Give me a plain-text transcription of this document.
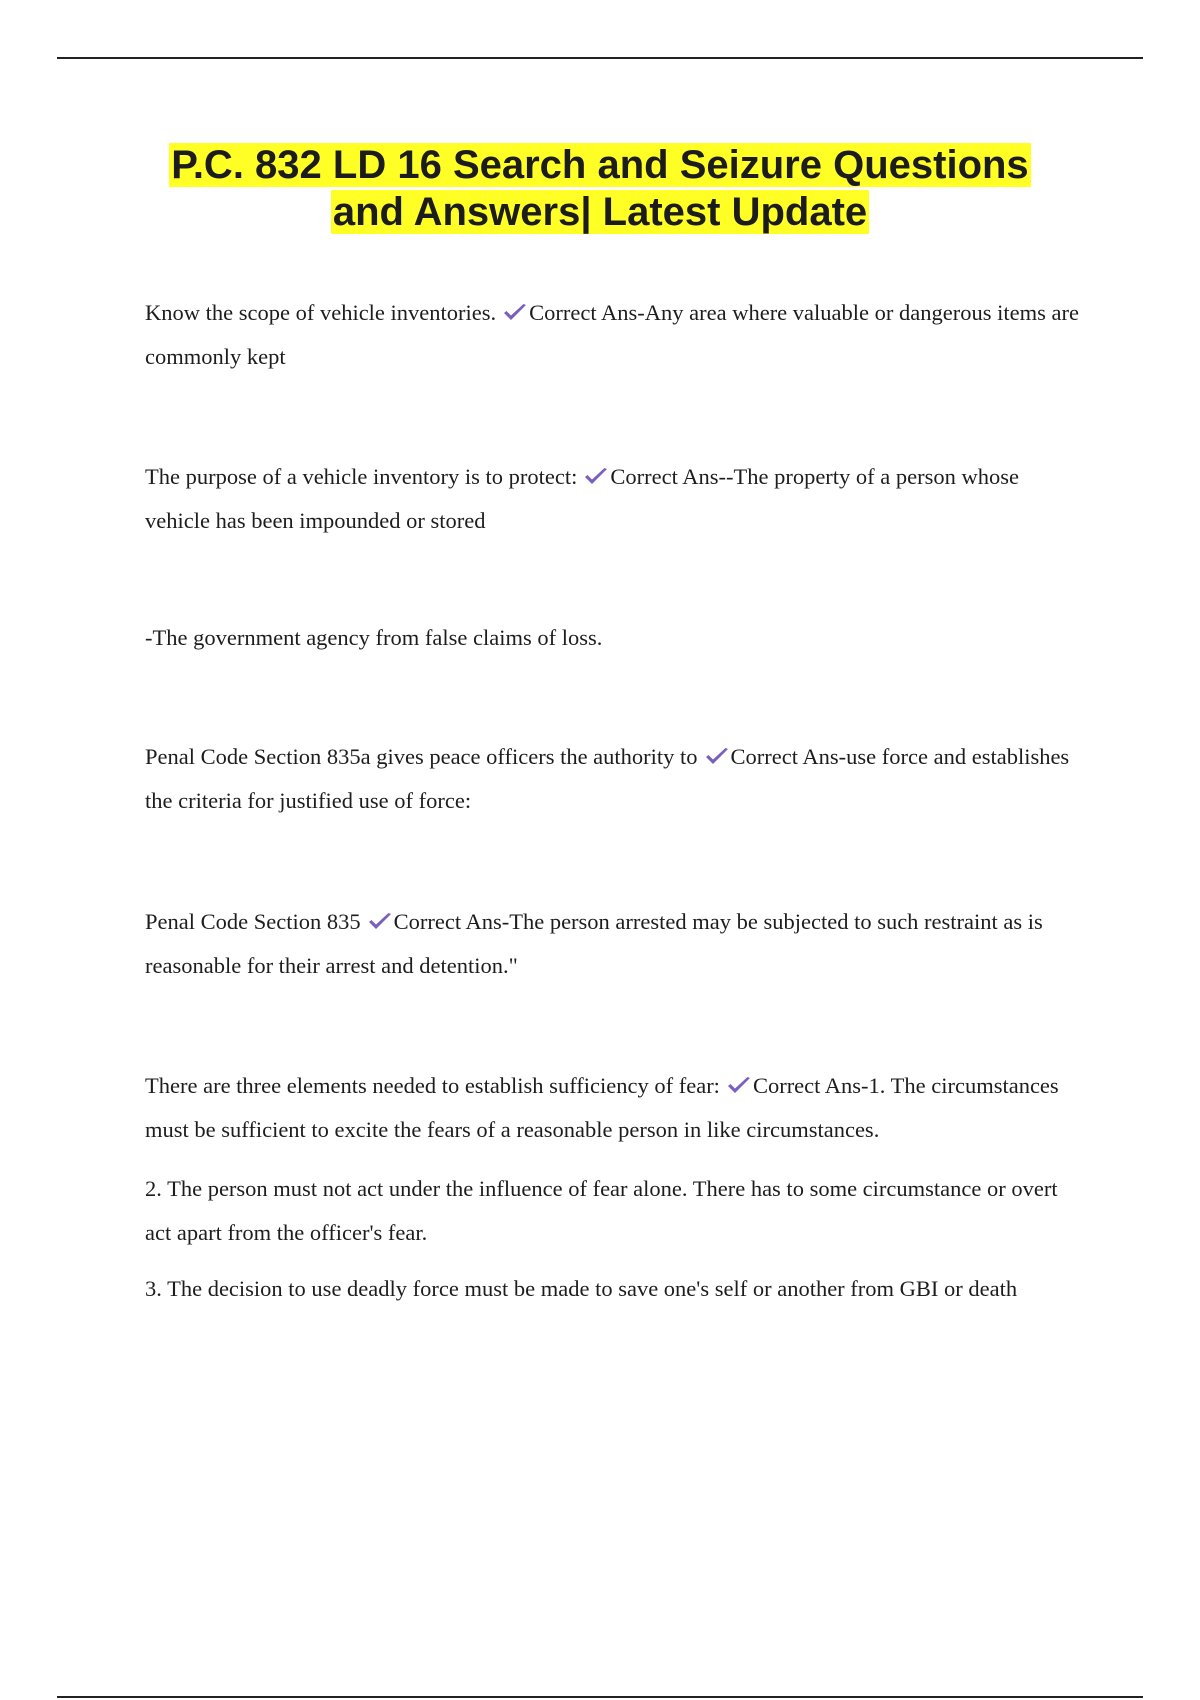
P.C. 832 LD 16 Search and Seizure Questions
and Answers| Latest Update
Know the scope of vehicle inventories. Correct Ans-Any area where valuable or dangerous items are commonly kept
The purpose of a vehicle inventory is to protect: Correct Ans--The property of a person whose vehicle has been impounded or stored
-The government agency from false claims of loss.
Penal Code Section 835a gives peace officers the authority to Correct Ans-use force and establishes the criteria for justified use of force:
Penal Code Section 835 Correct Ans-The person arrested may be subjected to such restraint as is reasonable for their arrest and detention."
There are three elements needed to establish sufficiency of fear: Correct Ans-1. The circumstances must be sufficient to excite the fears of a reasonable person in like circumstances.
2. The person must not act under the influence of fear alone. There has to some circumstance or overt act apart from the officer's fear.
3. The decision to use deadly force must be made to save one's self or another from GBI or death
